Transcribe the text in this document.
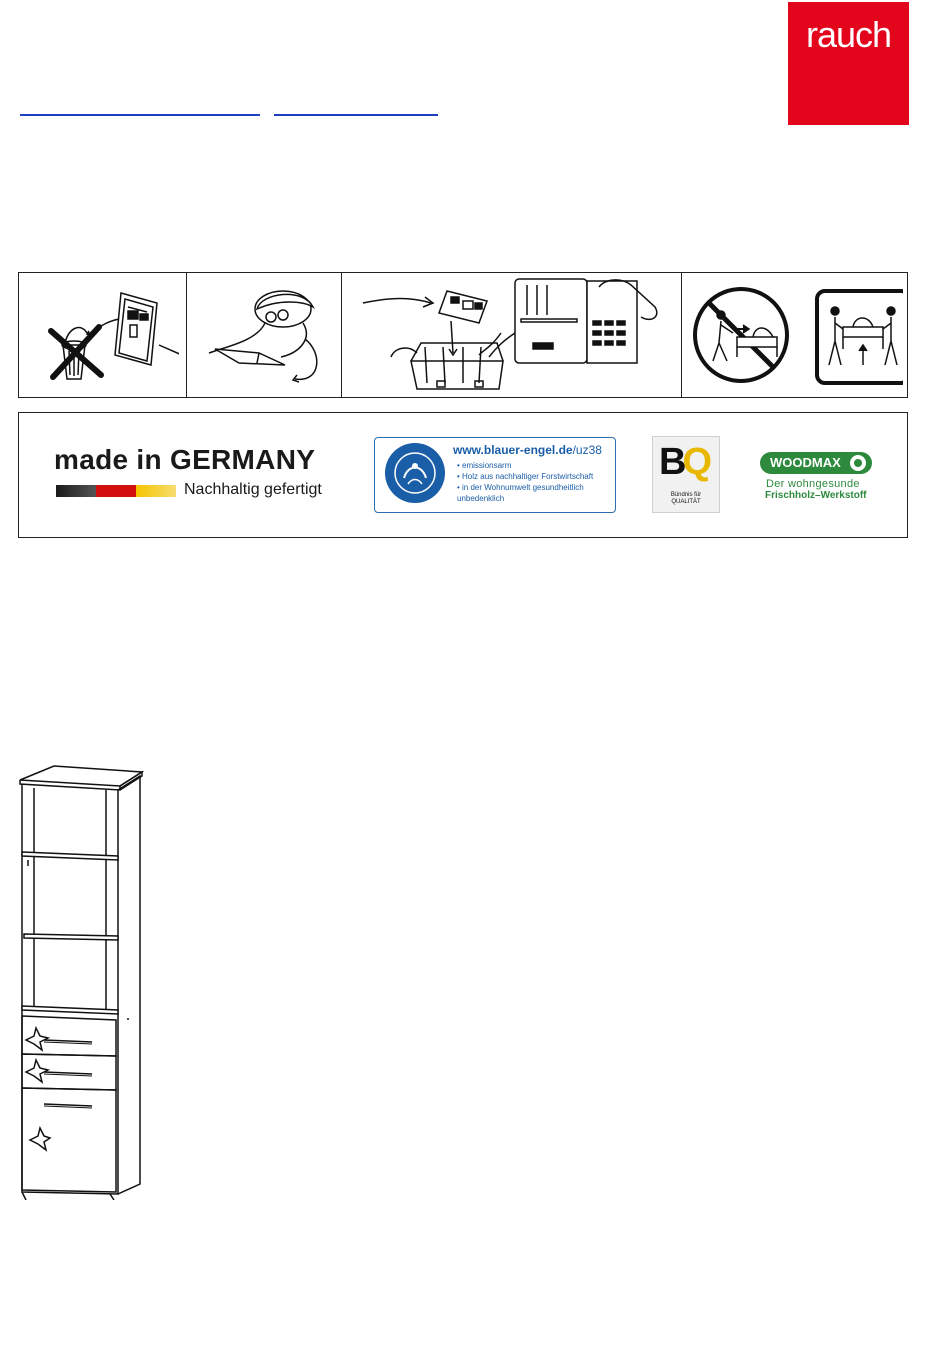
rauch
made in GERMANY
Nachhaltig gefertigt
www.blauer-engel.de/uz38
• emissionsarm
• Holz aus nachhaltiger Forstwirtschaft
• in der Wohnumwelt gesundheitlich unbedenklich
BQ
Bündnis für
QUALITÄT
WOODMAX
Der wohngesunde
Frischholz–Werkstoff
